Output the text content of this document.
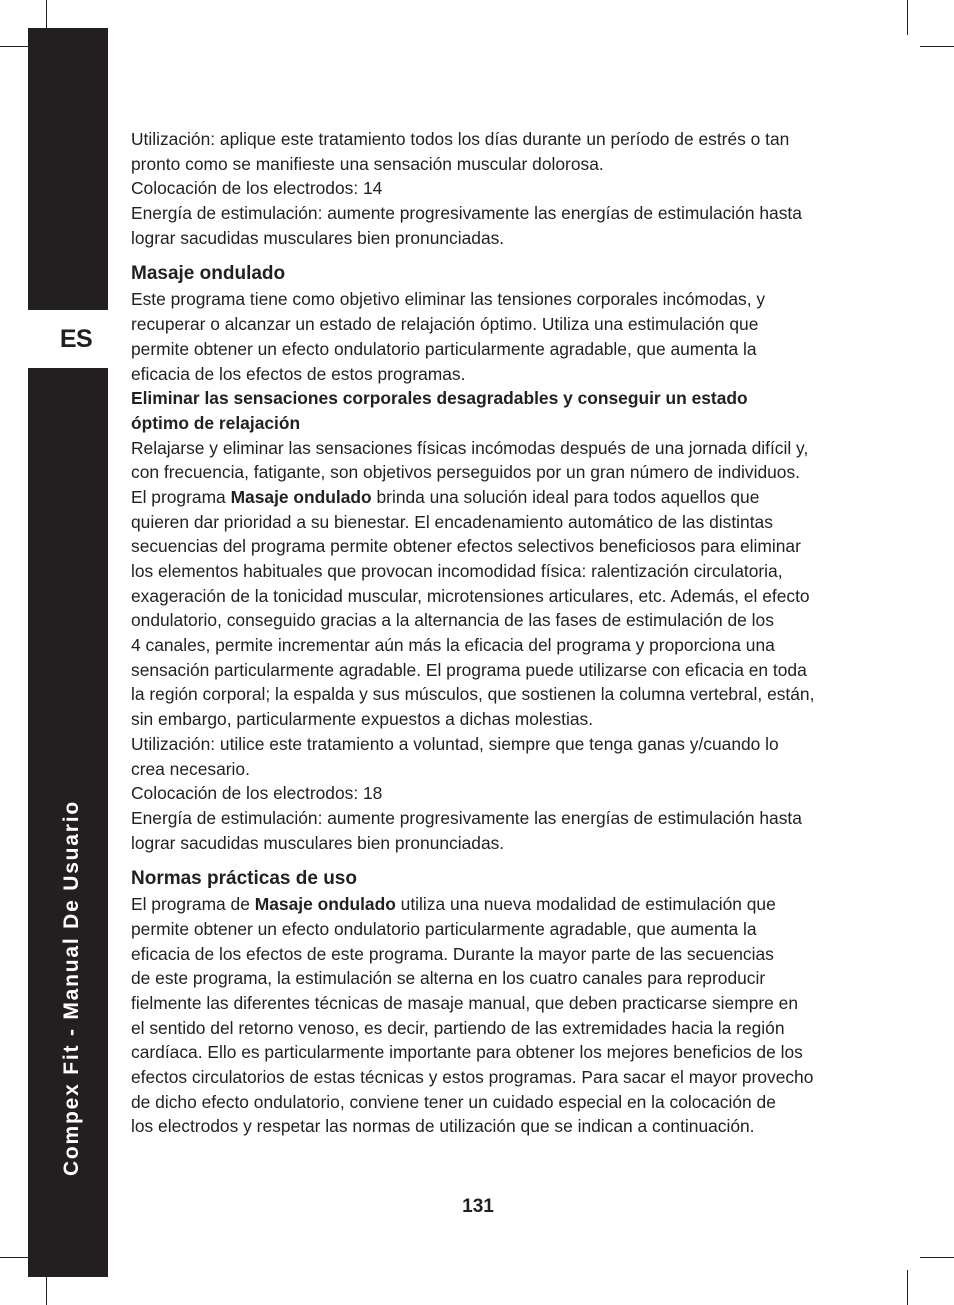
ES
Compex Fit - Manual De Usuario
Utilización: aplique este tratamiento todos los días durante un período de estrés o tan
pronto como se manifieste una sensación muscular dolorosa.
Colocación de los electrodos: 14
Energía de estimulación: aumente progresivamente las energías de estimulación hasta
lograr sacudidas musculares bien pronunciadas.
Masaje ondulado
Este programa tiene como objetivo eliminar las tensiones corporales incómodas, y
recuperar o alcanzar un estado de relajación óptimo. Utiliza una estimulación que
permite obtener un efecto ondulatorio particularmente agradable, que aumenta la
eficacia de los efectos de estos programas.
Eliminar las sensaciones corporales desagradables y conseguir un estado
óptimo de relajación
Relajarse y eliminar las sensaciones físicas incómodas después de una jornada difícil y,
con frecuencia, fatigante, son objetivos perseguidos por un gran número de individuos.
El programa Masaje ondulado brinda una solución ideal para todos aquellos que
quieren dar prioridad a su bienestar. El encadenamiento automático de las distintas
secuencias del programa permite obtener efectos selectivos beneficiosos para eliminar
los elementos habituales que provocan incomodidad física: ralentización circulatoria,
exageración de la tonicidad muscular, microtensiones articulares, etc. Además, el efecto
ondulatorio, conseguido gracias a la alternancia de las fases de estimulación de los
4 canales, permite incrementar aún más la eficacia del programa y proporciona una
sensación particularmente agradable. El programa puede utilizarse con eficacia en toda
la región corporal; la espalda y sus músculos, que sostienen la columna vertebral, están,
sin embargo, particularmente expuestos a dichas molestias.
Utilización: utilice este tratamiento a voluntad, siempre que tenga ganas y/cuando lo
crea necesario.
Colocación de los electrodos: 18
Energía de estimulación: aumente progresivamente las energías de estimulación hasta
lograr sacudidas musculares bien pronunciadas.
Normas prácticas de uso
El programa de Masaje ondulado utiliza una nueva modalidad de estimulación que
permite obtener un efecto ondulatorio particularmente agradable, que aumenta la
eficacia de los efectos de este programa. Durante la mayor parte de las secuencias
de este programa, la estimulación se alterna en los cuatro canales para reproducir
fielmente las diferentes técnicas de masaje manual, que deben practicarse siempre en
el sentido del retorno venoso, es decir, partiendo de las extremidades hacia la región
cardíaca. Ello es particularmente importante para obtener los mejores beneficios de los
efectos circulatorios de estas técnicas y estos programas. Para sacar el mayor provecho
de dicho efecto ondulatorio, conviene tener un cuidado especial en la colocación de
los electrodos y respetar las normas de utilización que se indican a continuación.
131
